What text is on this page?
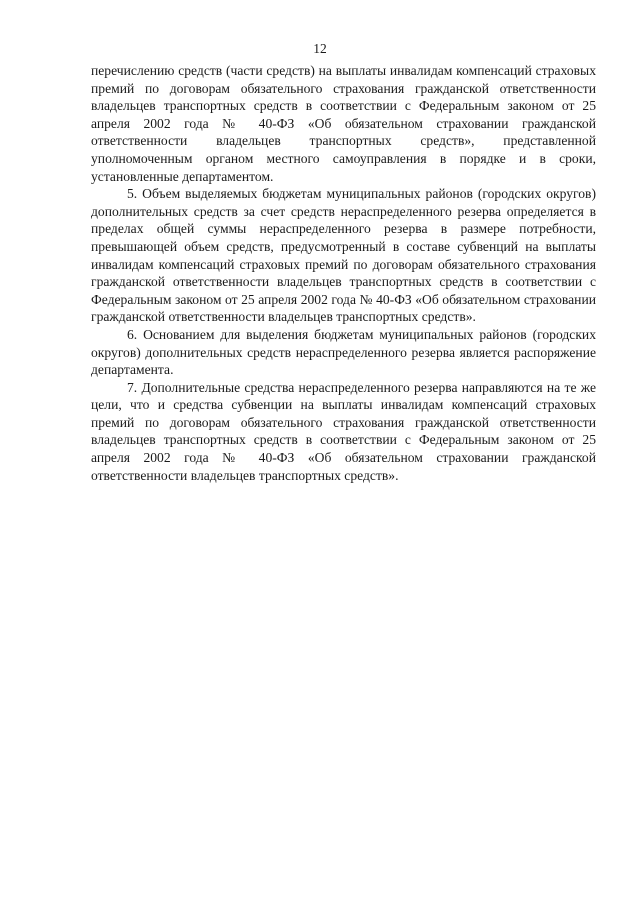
12

перечислению средств (части средств) на выплаты инвалидам компенсаций страховых премий по договорам обязательного страхования гражданской ответственности владельцев транспортных средств в соответствии с Федеральным законом от 25 апреля 2002 года № 40-ФЗ «Об обязательном страховании гражданской ответственности владельцев транспортных средств», представленной уполномоченным органом местного самоуправления в порядке и в сроки, установленные департаментом.

5. Объем выделяемых бюджетам муниципальных районов (городских округов) дополнительных средств за счет средств нераспределенного резерва определяется в пределах общей суммы нераспределенного резерва в размере потребности, превышающей объем средств, предусмотренный в составе субвенций на выплаты инвалидам компенсаций страховых премий по договорам обязательного страхования гражданской ответственности владельцев транспортных средств в соответствии с Федеральным законом от 25 апреля 2002 года № 40-ФЗ «Об обязательном страховании гражданской ответственности владельцев транспортных средств».

6. Основанием для выделения бюджетам муниципальных районов (городских округов) дополнительных средств нераспределенного резерва является распоряжение департамента.

7. Дополнительные средства нераспределенного резерва направляются на те же цели, что и средства субвенции на выплаты инвалидам компенсаций страховых премий по договорам обязательного страхования гражданской ответственности владельцев транспортных средств в соответствии с Федеральным законом от 25 апреля 2002 года № 40-ФЗ «Об обязательном страховании гражданской ответственности владельцев транспортных средств».
